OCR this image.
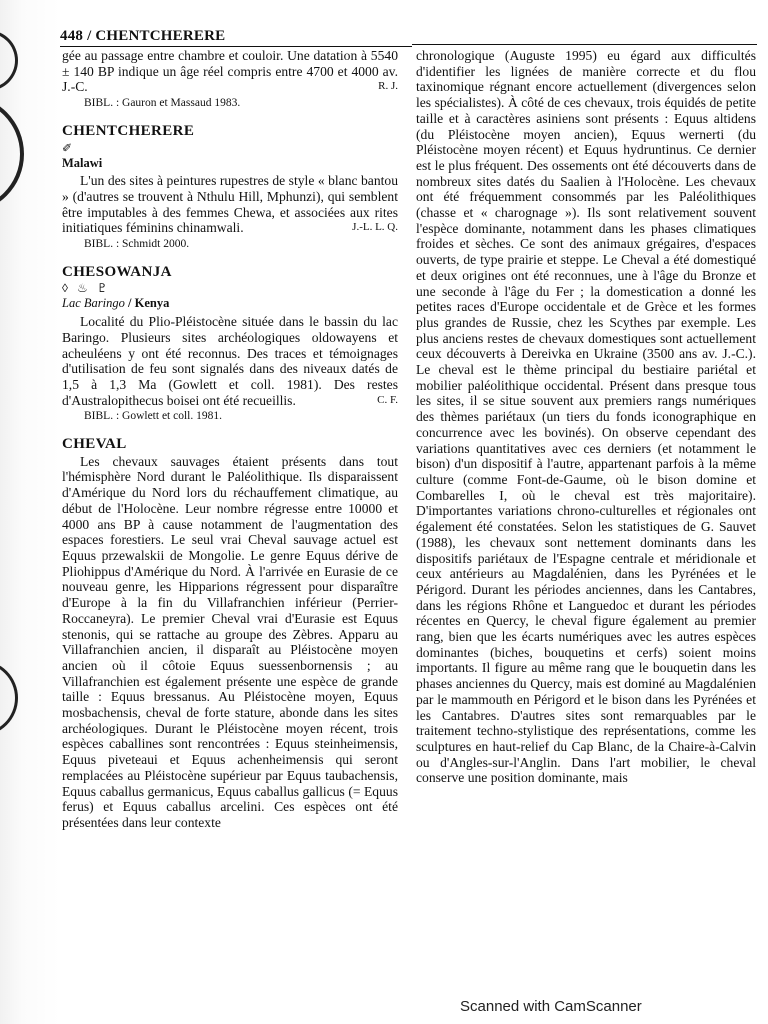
448 / CHENTCHERERE

gée au passage entre chambre et couloir. Une datation à 5540 ± 140 BP indique un âge réel compris entre 4700 et 4000 av. J.-C.	R. J.

BIBL. : Gauron et Massaud 1983.

CHENTCHERERE
✐
Malawi

L'un des sites à peintures rupestres de style « blanc bantou » (d'autres se trouvent à Nthulu Hill, Mphunzi), qui semblent être imputables à des femmes Chewa, et associées aux rites initiatiques féminins chinamwali.	J.-L. L. Q.

BIBL. : Schmidt 2000.

CHESOWANJA
◊ ♨ ♇
Lac Baringo / Kenya

Localité du Plio-Pléistocène située dans le bassin du lac Baringo. Plusieurs sites archéologiques oldowayens et acheuléens y ont été reconnus. Des traces et témoignages d'utilisation de feu sont signalés dans des niveaux datés de 1,5 à 1,3 Ma (Gowlett et coll. 1981). Des restes d'Australopithecus boisei ont été recueillis.	C. F.

BIBL. : Gowlett et coll. 1981.

CHEVAL

Les chevaux sauvages étaient présents dans tout l'hémisphère Nord durant le Paléolithique. Ils disparaissent d'Amérique du Nord lors du réchauffement climatique, au début de l'Holocène. Leur nombre régresse entre 10000 et 4000 ans BP à cause notamment de l'augmentation des espaces forestiers. Le seul vrai Cheval sauvage actuel est Equus przewalskii de Mongolie. Le genre Equus dérive de Pliohippus d'Amérique du Nord. À l'arrivée en Eurasie de ce nouveau genre, les Hipparions régressent pour disparaître d'Europe à la fin du Villafranchien inférieur (Perrier-Roccaneyra). Le premier Cheval vrai d'Eurasie est Equus stenonis, qui se rattache au groupe des Zèbres. Apparu au Villafranchien ancien, il disparaît au Pléistocène moyen ancien où il côtoie Equus suessenbornensis ; au Villafranchien est également présente une espèce de grande taille : Equus bressanus. Au Pléistocène moyen, Equus mosbachensis, cheval de forte stature, abonde dans les sites archéologiques. Durant le Pléistocène moyen récent, trois espèces caballines sont rencontrées : Equus steinheimensis, Equus piveteaui et Equus achenheimensis qui seront remplacées au Pléistocène supérieur par Equus taubachensis, Equus caballus germanicus, Equus caballus gallicus (= Equus ferus) et Equus caballus arcelini. Ces espèces ont été présentées dans leur contexte

chronologique (Auguste 1995) eu égard aux difficultés d'identifier les lignées de manière correcte et du flou taxinomique régnant encore actuellement (divergences selon les spécialistes). À côté de ces chevaux, trois équidés de petite taille et à caractères asiniens sont présents : Equus altidens (du Pléistocène moyen ancien), Equus wernerti (du Pléistocène moyen récent) et Equus hydruntinus. Ce dernier est le plus fréquent. Des ossements ont été découverts dans de nombreux sites datés du Saalien à l'Holocène. Les chevaux ont été fréquemment consommés par les Paléolithiques (chasse et « charognage »). Ils sont relativement souvent l'espèce dominante, notamment dans les phases climatiques froides et sèches. Ce sont des animaux grégaires, d'espaces ouverts, de type prairie et steppe. Le Cheval a été domestiqué et deux origines ont été reconnues, une à l'âge du Bronze et une seconde à l'âge du Fer ; la domestication a donné les petites races d'Europe occidentale et de Grèce et les formes plus grandes de Russie, chez les Scythes par exemple. Les plus anciens restes de chevaux domestiques sont actuellement ceux découverts à Dereivka en Ukraine (3500 ans av. J.-C.). Le cheval est le thème principal du bestiaire pariétal et mobilier paléolithique occidental. Présent dans presque tous les sites, il se situe souvent aux premiers rangs numériques des thèmes pariétaux (un tiers du fonds iconographique en concurrence avec les bovinés). On observe cependant des variations quantitatives avec ces derniers (et notamment le bison) d'un dispositif à l'autre, appartenant parfois à la même culture (comme Font-de-Gaume, où le bison domine et Combarelles I, où le cheval est très majoritaire). D'importantes variations chrono-culturelles et régionales ont également été constatées. Selon les statistiques de G. Sauvet (1988), les chevaux sont nettement dominants dans les dispositifs pariétaux de l'Espagne centrale et méridionale et ceux antérieurs au Magdalénien, dans les Pyrénées et le Périgord. Durant les périodes anciennes, dans les Cantabres, dans les régions Rhône et Languedoc et durant les périodes récentes en Quercy, le cheval figure également au premier rang, bien que les écarts numériques avec les autres espèces dominantes (biches, bouquetins et cerfs) soient moins importants. Il figure au même rang que le bouquetin dans les phases anciennes du Quercy, mais est dominé au Magdalénien par le mammouth en Périgord et le bison dans les Pyrénées et les Cantabres. D'autres sites sont remarquables par le traitement techno-stylistique des représentations, comme les sculptures en haut-relief du Cap Blanc, de la Chaire-à-Calvin ou d'Angles-sur-l'Anglin. Dans l'art mobilier, le cheval conserve une position dominante, mais

Scanned with CamScanner
